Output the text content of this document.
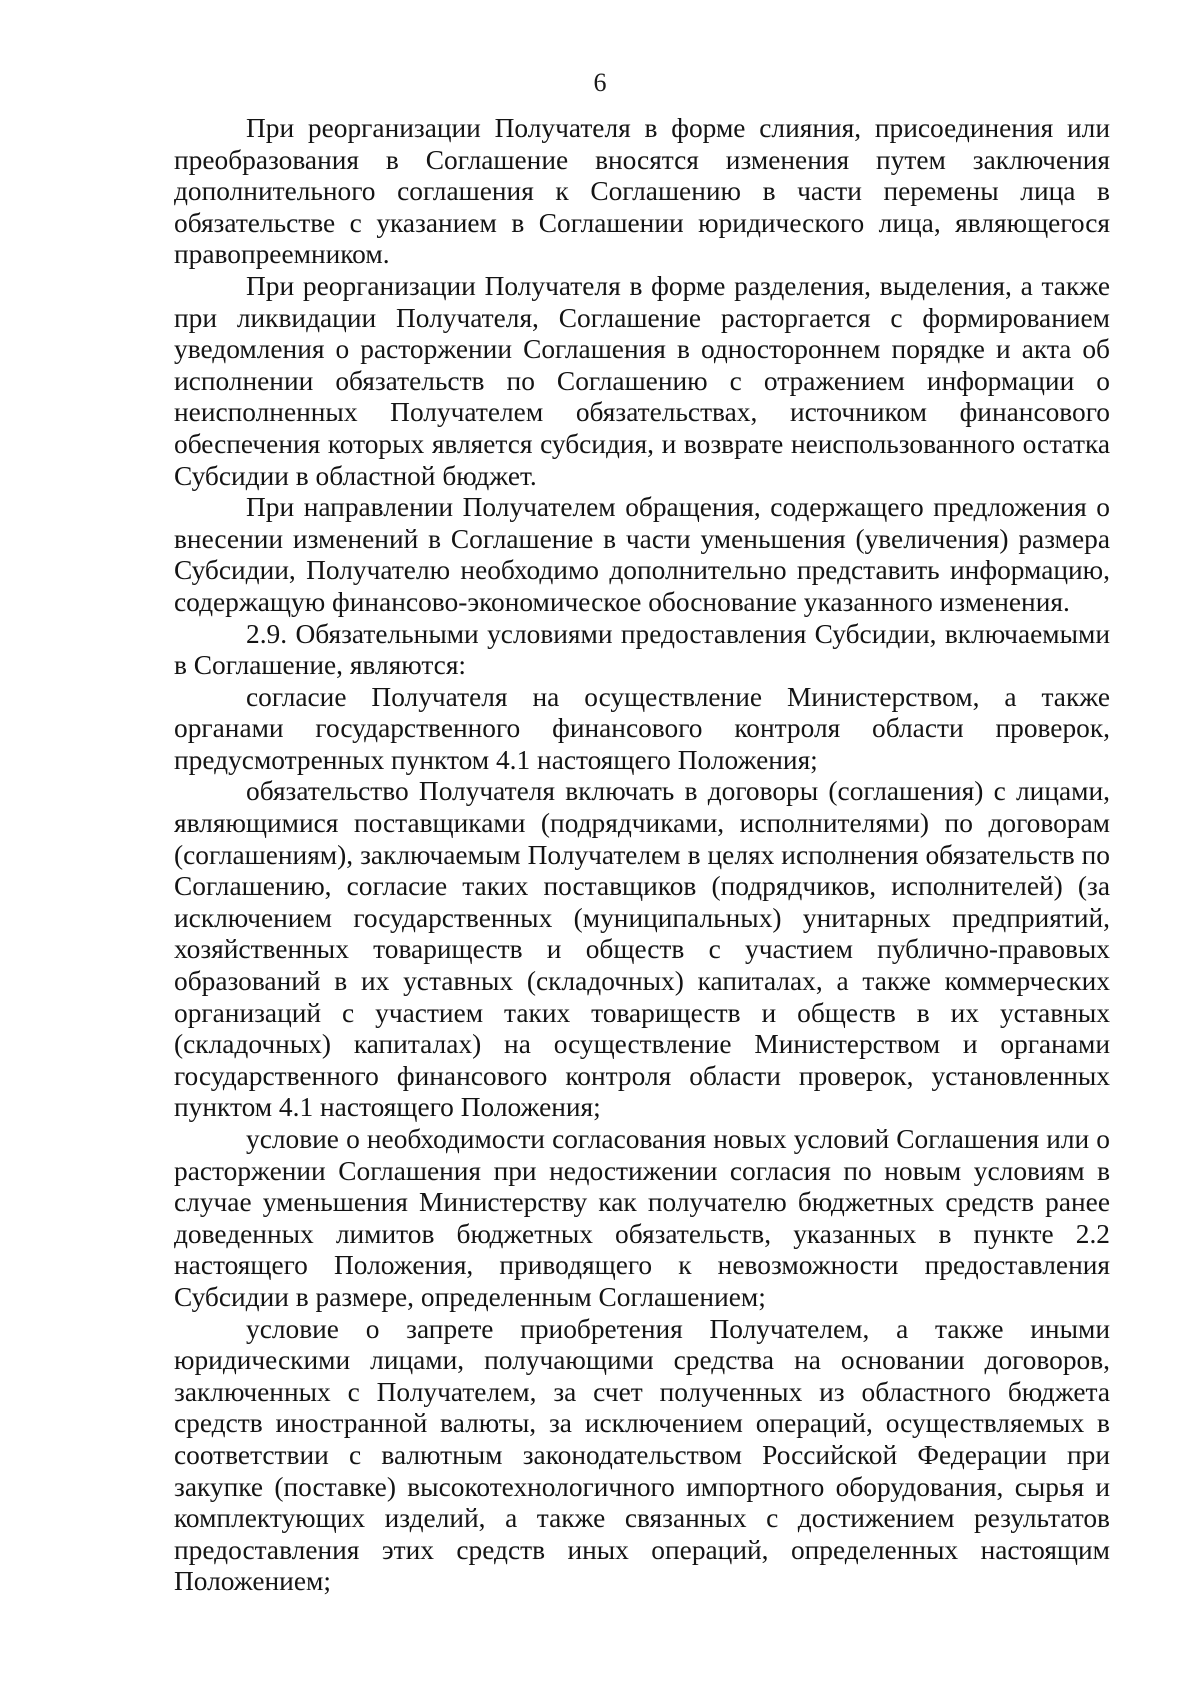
6

При реорганизации Получателя в форме слияния, присоединения или преобразования в Соглашение вносятся изменения путем заключения дополнительного соглашения к Соглашению в части перемены лица в обязательстве с указанием в Соглашении юридического лица, являющегося правопреемником.

При реорганизации Получателя в форме разделения, выделения, а также при ликвидации Получателя, Соглашение расторгается с формированием уведомления о расторжении Соглашения в одностороннем порядке и акта об исполнении обязательств по Соглашению с отражением информации о неисполненных Получателем обязательствах, источником финансового обеспечения которых является субсидия, и возврате неиспользованного остатка Субсидии в областной бюджет.

При направлении Получателем обращения, содержащего предложения о внесении изменений в Соглашение в части уменьшения (увеличения) размера Субсидии, Получателю необходимо дополнительно представить информацию, содержащую финансово-экономическое обоснование указанного изменения.

2.9. Обязательными условиями предоставления Субсидии, включаемыми в Соглашение, являются:

согласие Получателя на осуществление Министерством, а также органами государственного финансового контроля области проверок, предусмотренных пунктом 4.1 настоящего Положения;

обязательство Получателя включать в договоры (соглашения) с лицами, являющимися поставщиками (подрядчиками, исполнителями) по договорам (соглашениям), заключаемым Получателем в целях исполнения обязательств по Соглашению, согласие таких поставщиков (подрядчиков, исполнителей) (за исключением государственных (муниципальных) унитарных предприятий, хозяйственных товариществ и обществ с участием публично-правовых образований в их уставных (складочных) капиталах, а также коммерческих организаций с участием таких товариществ и обществ в их уставных (складочных) капиталах) на осуществление Министерством и органами государственного финансового контроля области проверок, установленных пунктом 4.1 настоящего Положения;

условие о необходимости согласования новых условий Соглашения или о расторжении Соглашения при недостижении согласия по новым условиям в случае уменьшения Министерству как получателю бюджетных средств ранее доведенных лимитов бюджетных обязательств, указанных в пункте 2.2 настоящего Положения, приводящего к невозможности предоставления Субсидии в размере, определенным Соглашением;

условие о запрете приобретения Получателем, а также иными юридическими лицами, получающими средства на основании договоров, заключенных с Получателем, за счет полученных из областного бюджета средств иностранной валюты, за исключением операций, осуществляемых в соответствии с валютным законодательством Российской Федерации при закупке (поставке) высокотехнологичного импортного оборудования, сырья и комплектующих изделий, а также связанных с достижением результатов предоставления этих средств иных операций, определенных настоящим Положением;
